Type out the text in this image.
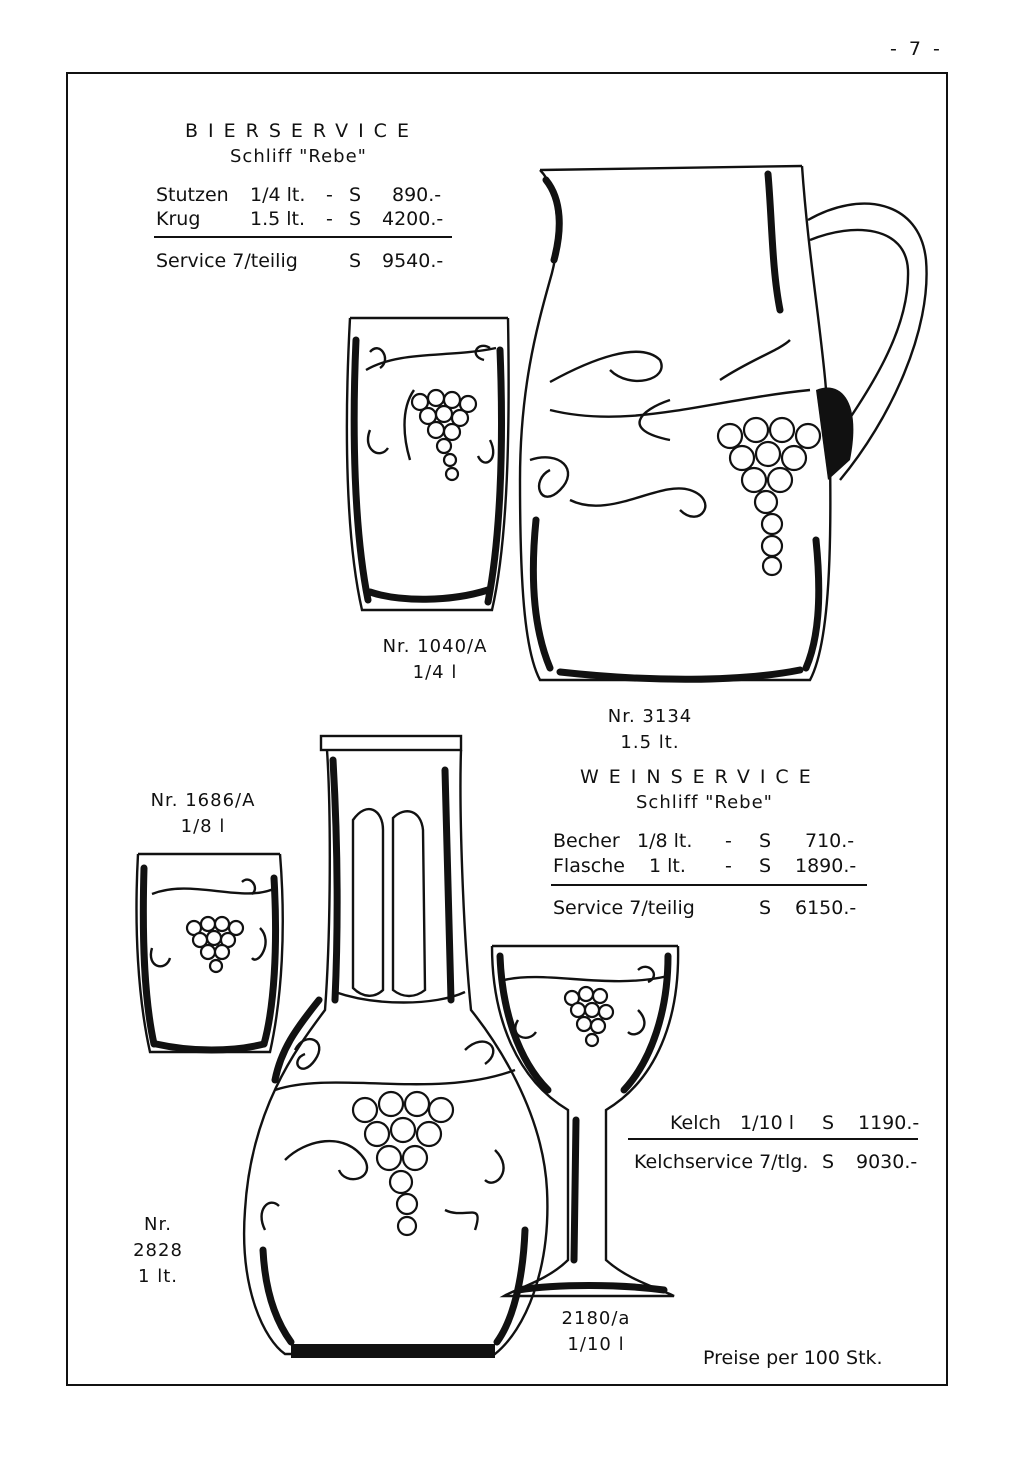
- 7 -
BIERSERVICE
Schliff "Rebe"
Stutzen 1/4 lt. - S 890.-
Krug	1.5 lt. - S 4200.-
Service 7/teilig	S 9540.-
Nr. 1040/A
1/4 l
Nr. 3134
1.5 lt.
WEINSERVICE
Schliff "Rebe"
Becher 1/8 lt. - S 710.-
Flasche 1 lt. - S 1890.-
Service 7/teilig	S 6150.-
Nr. 1686/A
1/8 l
Nr. 2828
1 lt.
2180/a
1/10 l
Kelch 1/10 l S 1190.-
Kelchservice 7/tlg. S 9030.-
Preise per 100 Stk.
